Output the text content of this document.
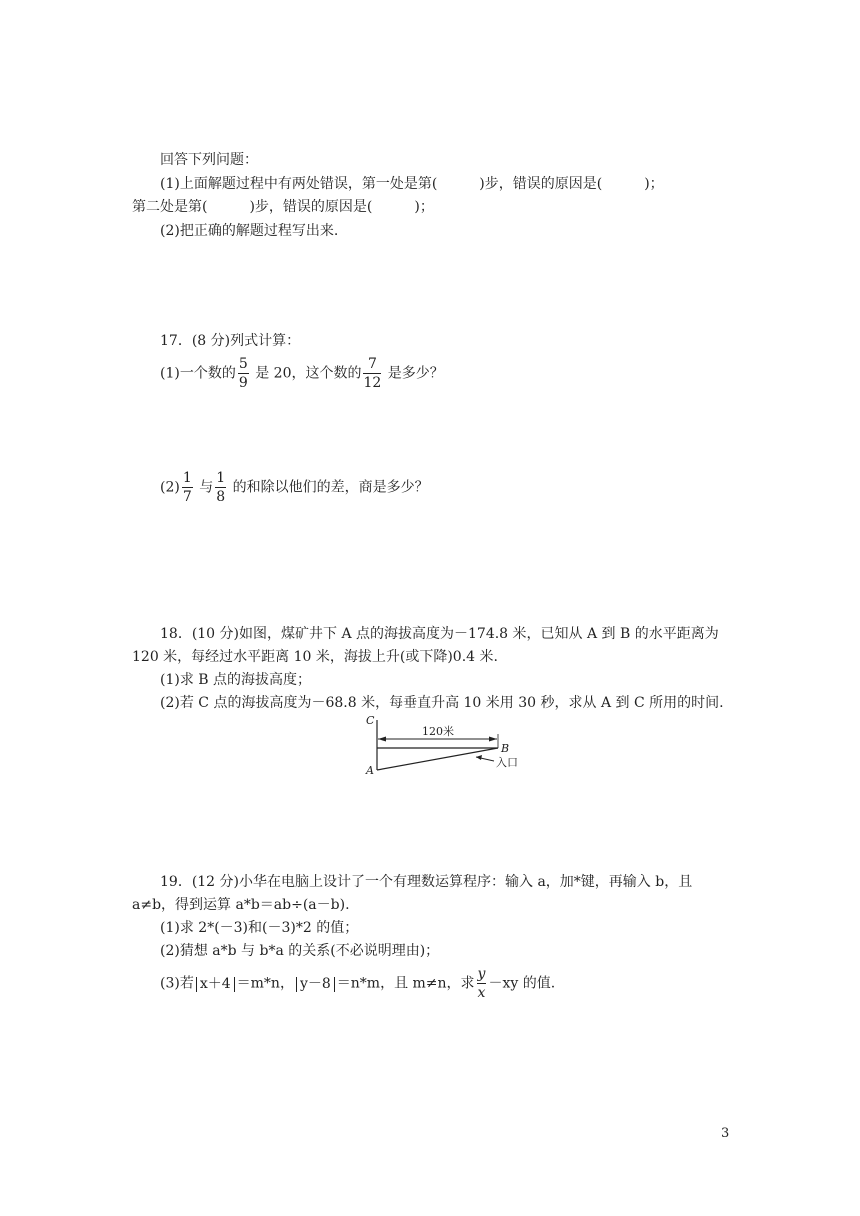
回答下列问题：
(1)上面解题过程中有两处错误，第一处是第(　　　)步，错误的原因是(　　　)；
第二处是第(　　　)步，错误的原因是(　　　)；
(2)把正确的解题过程写出来.
17．(8 分)列式计算：
(1)一个数的 $\frac{5}{9}$ 是 20，这个数的 $\frac{7}{12}$ 是多少？
$(2) \frac{1}{7}$ 与 $\frac{1}{8}$ 的和除以他们的差，商是多少？
18．(10 分)如图，煤矿井下 A 点的海拔高度为－174.8 米，已知从 A 到 B 的水平距离为
120 米，每经过水平距离 10 米，海拔上升(或下降)0.4 米.
(1)求 B 点的海拔高度；
(2)若 C 点的海拔高度为－68.8 米，每垂直升高 10 米用 30 秒，求从 A 到 C 所用的时间.
C
A
B
120米
入口
19．(12 分)小华在电脑上设计了一个有理数运算程序：输入 a，加*键，再输入 b，且
a≠b，得到运算 a*b＝ab÷(a－b).
(1)求 2*(－3)和(－3)*2 的值；
(2)猜想 a*b 与 b*a 的关系(不必说明理由)；
(3)若 x＋4 ＝m*n， y－8 ＝n*m，且 m≠n，求 $\frac{y}{x} -xy$ 的值.
3
